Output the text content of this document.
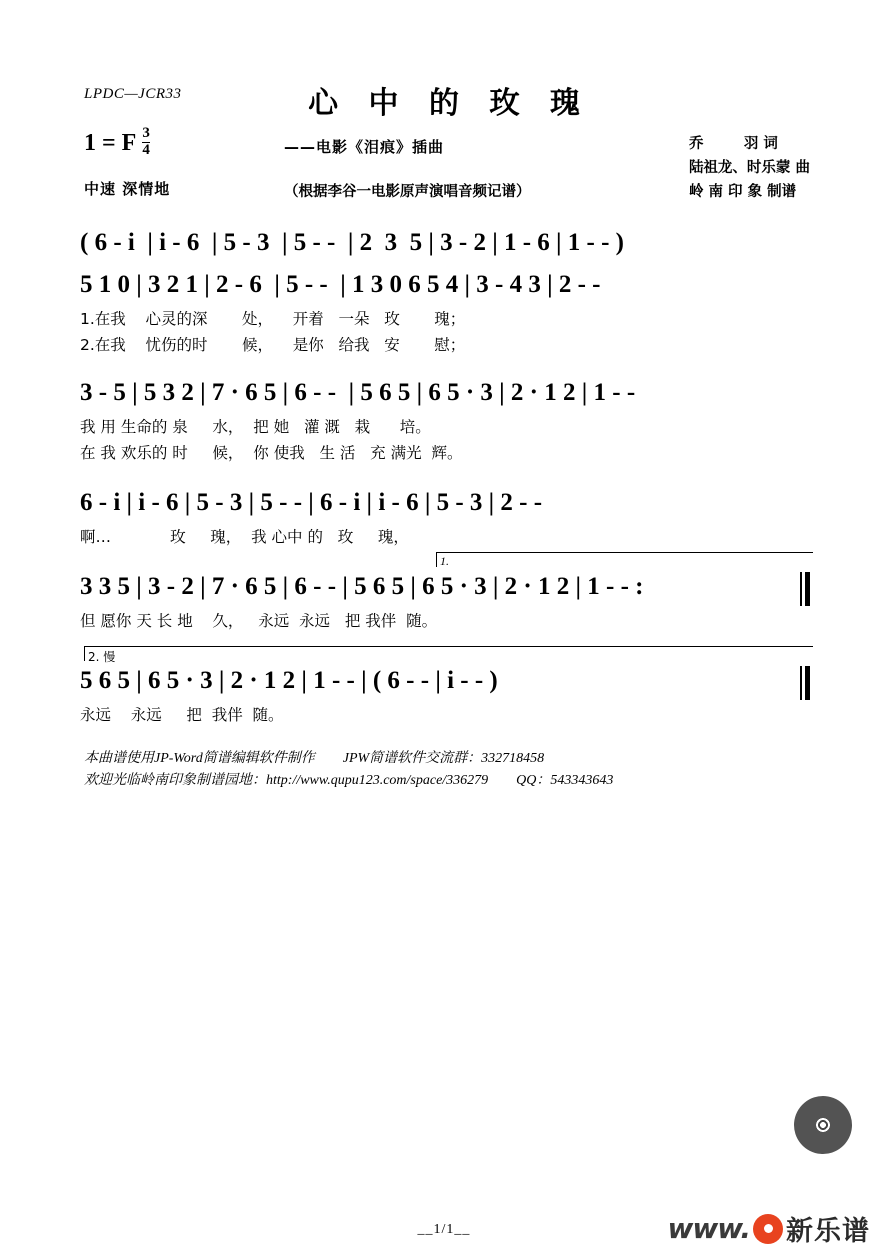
LPDC—JCR33	心 中 的 玫 瑰
——电影《泪痕》插曲
（根据李谷一电影原声演唱音频记谱）
乔        羽 词
陆祖龙、时乐蒙 曲
岭 南 印 象 制谱
1 = F $\frac{3}{4}$
中速 深情地
( 6 - i  | i - 6  | 5 - 3  | 5 - -  | 2  3  5 | 3 - 2 | 1 - 6 | 1 - - )
5 1 0 | 3 2 1 | 2 - 6  | 5 - -  | 1 3 0 6 5 4 | 3 - 4 3 | 2 - -
1.在我    心灵的深       处，    开着   一朵   玫       瑰；
2.在我    忧伤的时       候，    是你   给我   安       慰；
3 - 5 | 5 3 2 | 7 · 6 5 | 6 - -  | 5 6 5 | 6 5 · 3 | 2 · 1 2 | 1 - -
我 用 生命的 泉     水，  把 她   灌 溉   栽      培。
在 我 欢乐的 时     候，  你 使我   生 活   充 满光  辉。
6 - i | i - 6 | 5 - 3 | 5 - - | 6 - i | i - 6 | 5 - 3 | 2 - -
啊…            玫     瑰，  我 心中 的   玫     瑰，
1.
3 3 5 | 3 - 2 | 7 · 6 5 | 6 - - | 5 6 5 | 6 5 · 3 | 2 · 1 2 | 1 - - :
但 愿你 天 长 地    久，   永远  永远   把 我伴  随。
2. 慢
5 6 5 | 6 5 · 3 | 2 · 1 2 | 1 - - | ( 6 - - | i - - )
永远    永远     把  我伴  随。
本曲谱使用JP-Word简谱编辑软件制作        JPW简谱软件交流群：332718458
欢迎光临岭南印象制谱园地：http://www.qupu123.com/space/336279        QQ：543343643
__1/1__	www. 新乐谱
